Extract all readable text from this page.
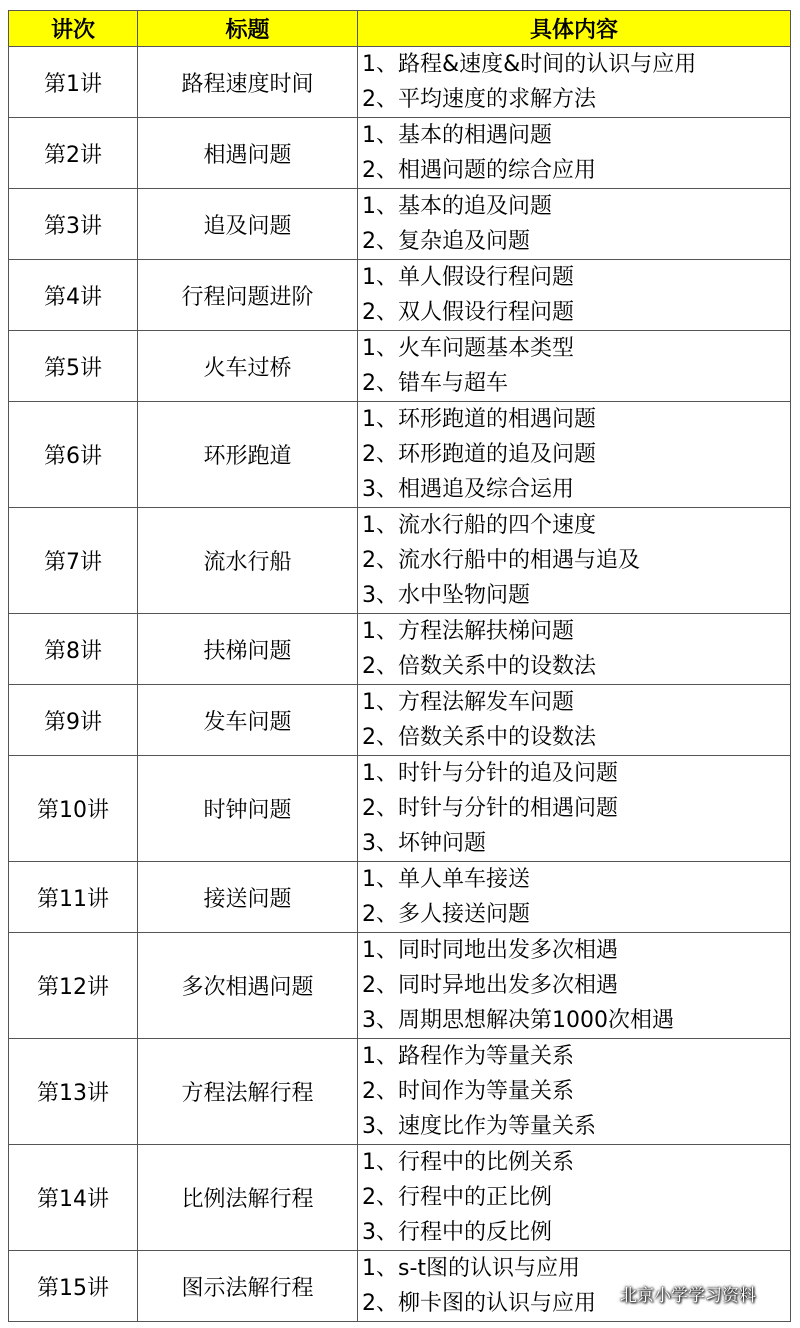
讲次	标题	具体内容
第1讲	路程速度时间	1、路程&速度&时间的认识与应用
2、平均速度的求解方法

第2讲	相遇问题	1、基本的相遇问题
2、相遇问题的综合应用

第3讲	追及问题	1、基本的追及问题
2、复杂追及问题

第4讲	行程问题进阶	1、单人假设行程问题
2、双人假设行程问题

第5讲	火车过桥	1、火车问题基本类型
2、错车与超车

第6讲	环形跑道	1、环形跑道的相遇问题
2、环形跑道的追及问题
3、相遇追及综合运用

第7讲	流水行船	1、流水行船的四个速度
2、流水行船中的相遇与追及
3、水中坠物问题

第8讲	扶梯问题	1、方程法解扶梯问题
2、倍数关系中的设数法

第9讲	发车问题	1、方程法解发车问题
2、倍数关系中的设数法

第10讲	时钟问题	1、时针与分针的追及问题
2、时针与分针的相遇问题
3、坏钟问题

第11讲	接送问题	1、单人单车接送
2、多人接送问题

第12讲	多次相遇问题	1、同时同地出发多次相遇
2、同时异地出发多次相遇
3、周期思想解决第1000次相遇

第13讲	方程法解行程	1、路程作为等量关系
2、时间作为等量关系
3、速度比作为等量关系

第14讲	比例法解行程	1、行程中的比例关系
2、行程中的正比例
3、行程中的反比例

第15讲	图示法解行程	1、s-t图的认识与应用
2、柳卡图的认识与应用	北京小学学习资料
